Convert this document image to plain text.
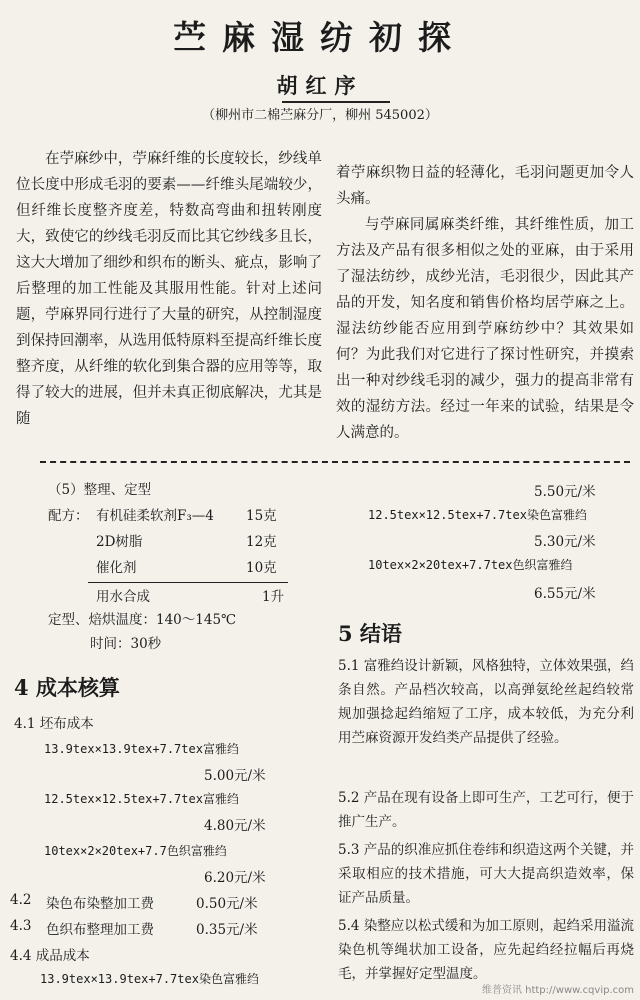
苎麻湿纺初探
胡红序
（柳州市二棉苎麻分厂，柳州 545002）
在苧麻纱中，苧麻纤维的长度较长，纱线单位长度中形成毛羽的要素——纤维头尾端较少，但纤维长度整齐度差，特数高弯曲和扭转刚度大，致使它的纱线毛羽反而比其它纱线多且长，这大大增加了细纱和织布的断头、疵点，影响了后整理的加工性能及其服用性能。针对上述问题，苧麻界同行进行了大量的研究，从控制湿度到保持回潮率，从选用低特原料至提高纤维长度整齐度，从纤维的软化到集合器的应用等等，取得了较大的进展，但并未真正彻底解决，尤其是随
着苧麻织物日益的轻薄化，毛羽问题更加令人头痛。
与苧麻同属麻类纤维，其纤维性质，加工方法及产品有很多相似之处的亚麻，由于采用了湿法纺纱，成纱光洁，毛羽很少，因此其产品的开发，知名度和销售价格均居苧麻之上。湿法纺纱能否应用到苧麻纺纱中？其效果如何？为此我们对它进行了探讨性研究，并摸索出一种对纱线毛羽的减少，强力的提高非常有效的湿纺方法。经过一年来的试验，结果是令人满意的。
（5）整理、定型
配方： 有机硅柔软剂F₃—4 15克
2D树脂	12克
催化剂	10克
用水合成	1升
定型、焙烘温度：140～145℃
时间：30秒
4 成本核算
4.1 坯布成本
13.9tex×13.9tex+7.7tex富雅绉
5.00元/米
12.5tex×12.5tex+7.7tex富雅绉
4.80元/米
10tex×2×20tex+7.7色织富雅绉
6.20元/米
4.2 染色布染整加工费	0.50元/米
4.3 色织布整理加工费	0.35元/米
4.4 成品成本
13.9tex×13.9tex+7.7tex染色富雅绉
5.50元/米
12.5tex×12.5tex+7.7tex染色富雅绉
5.30元/米
10tex×2×20tex+7.7tex色织富雅绉
6.55元/米
5 结语
5.1 富雅绉设计新颖，风格独特，立体效果强，绉条自然。产品档次较高，以高弹氨纶丝起绉较常规加强捻起绉缩短了工序，成本较低，为充分利用苎麻资源开发绉类产品提供了经验。
5.2 产品在现有设备上即可生产，工艺可行，便于推广生产。
5.3 产品的织准应抓住卷纬和织造这两个关键，并采取相应的技术措施，可大大提高织造效率，保证产品质量。
5.4 染整应以松式缓和为加工原则，起绉采用溢流染色机等绳状加工设备，应先起绉经拉幅后再烧毛，并掌握好定型温度。
维普资讯 http://www.cqvip.com
